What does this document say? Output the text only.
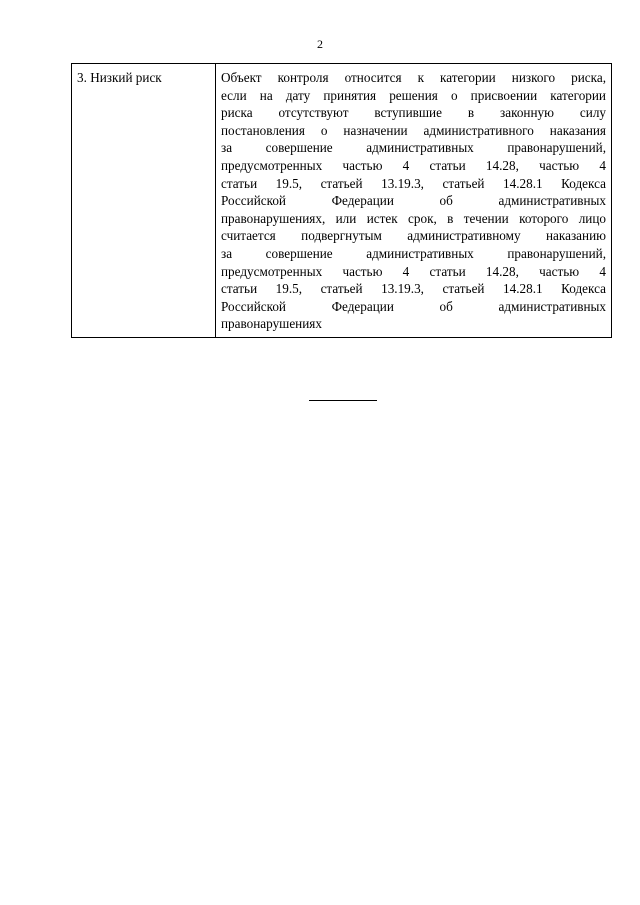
2
3. Низкий риск	Объект контроля относится к категории низкого риска,
если на дату принятия решения о присвоении категории
риска отсутствуют вступившие в законную силу
постановления о назначении административного наказания
за совершение административных правонарушений,
предусмотренных частью 4 статьи 14.28, частью 4
статьи 19.5, статьей 13.19.3, статьей 14.28.1 Кодекса
Российской Федерации об административных
правонарушениях, или истек срок, в течении которого лицо
считается подвергнутым административному наказанию
за совершение административных правонарушений,
предусмотренных частью 4 статьи 14.28, частью 4
статьи 19.5, статьей 13.19.3, статьей 14.28.1 Кодекса
Российской Федерации об административных
правонарушениях
